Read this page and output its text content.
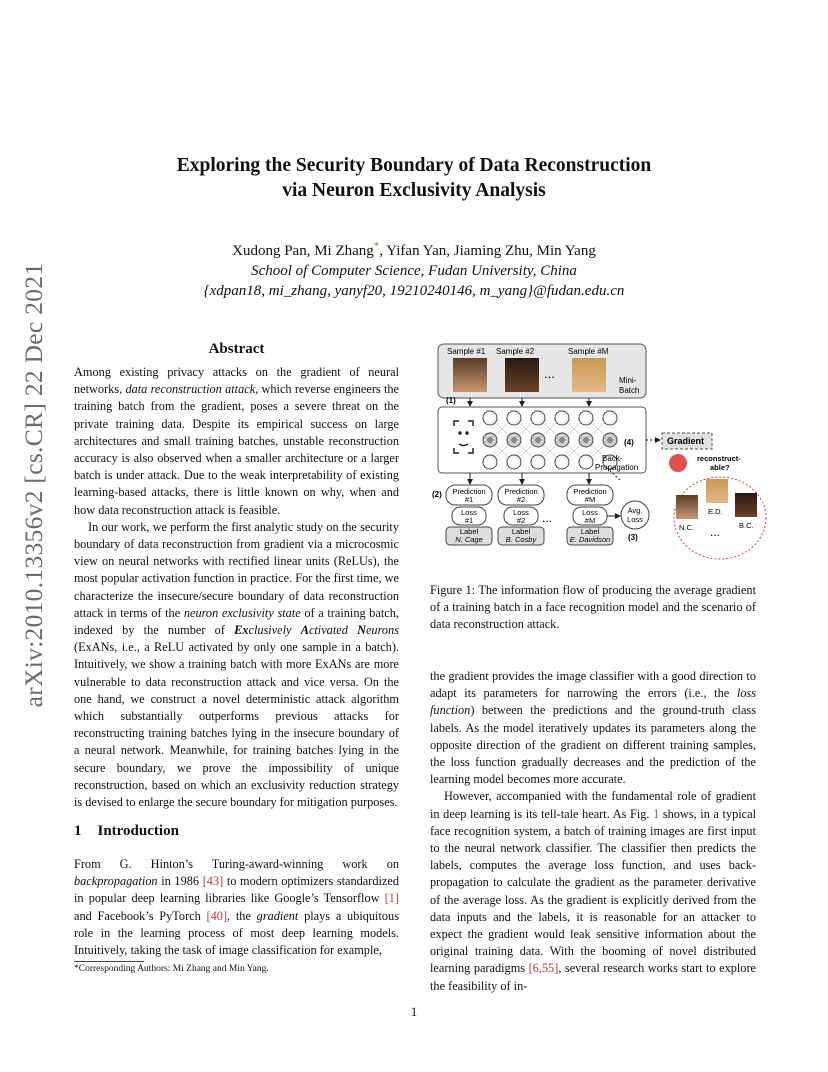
arXiv:2010.13356v2 [cs.CR] 22 Dec 2021
Exploring the Security Boundary of Data Reconstruction
via Neuron Exclusivity Analysis
Xudong Pan, Mi Zhang*, Yifan Yan, Jiaming Zhu, Min Yang
School of Computer Science, Fudan University, China
{xdpan18, mi_zhang, yanyf20, 19210240146, m_yang}@fudan.edu.cn
Abstract

Among existing privacy attacks on the gradient of neural networks, data reconstruction attack, which reverse engineers the training batch from the gradient, poses a severe threat on the private training data. Despite its empirical success on large architectures and small training batches, unstable reconstruction accuracy is also observed when a smaller architecture or a larger batch is under attack. Due to the weak interpretability of existing learning-based attacks, there is little known on why, when and how data reconstruction attack is feasible.

In our work, we perform the first analytic study on the security boundary of data reconstruction from gradient via a microcosmic view on neural networks with rectified linear units (ReLUs), the most popular activation function in practice. For the first time, we characterize the insecure/secure boundary of data reconstruction attack in terms of the neuron exclusivity state of a training batch, indexed by the number of Exclusively Activated Neurons (ExANs, i.e., a ReLU activated by only one sample in a batch). Intuitively, we show a training batch with more ExANs are more vulnerable to data reconstruction attack and vice versa. On the one hand, we construct a novel deterministic attack algorithm which substantially outperforms previous attacks for reconstructing training batches lying in the insecure boundary of a neural network. Meanwhile, for training batches lying in the secure boundary, we prove the impossibility of unique reconstruction, based on which an exclusivity reduction strategy is devised to enlarge the secure boundary for mitigation purposes.

1 Introduction

From G. Hinton’s Turing-award-winning work on backpropagation in 1986 [43] to modern optimizers standardized in popular deep learning libraries like Google’s Tensorflow [1] and Facebook’s PyTorch [40], the gradient plays a ubiquitous role in the learning process of most deep learning models. Intuitively, taking the task of image classification for example,

*Corresponding Authors: Mi Zhang and Min Yang.
1
Sample #1 Sample #2	Sample #M
...	Mini-
Batch
(1)
(4)
Back-
Propagation
Gradient
reconstruct-
able?
N.C.
E.D.
B.C.
...
(2) Prediction
#1
Prediction
#2
Prediction
#M
Loss
#1
Loss
#2
Loss
#M
...
Label
N. Cage
Label
B. Cosby
Label
E. Davidson
Avg.
Loss
(3)
Figure 1: The information flow of producing the average gradient of a training batch in a face recognition model and the scenario of data reconstruction attack.

the gradient provides the image classifier with a good direction to adapt its parameters for narrowing the errors (i.e., the loss function) between the predictions and the ground-truth class labels. As the model iteratively updates its parameters along the opposite direction of the gradient on different training samples, the loss function gradually decreases and the prediction of the learning model becomes more accurate.

However, accompanied with the fundamental role of gradient in deep learning is its tell-tale heart. As Fig. 1 shows, in a typical face recognition system, a batch of training images are first input to the neural network classifier. The classifier then predicts the labels, computes the average loss function, and uses back-propagation to calculate the gradient as the parameter derivative of the average loss. As the gradient is explicitly derived from the data inputs and the labels, it is reasonable for an attacker to expect the gradient would leak sensitive information about the original training data. With the booming of novel distributed learning paradigms [6,55], several research works start to explore the feasibility of in-
